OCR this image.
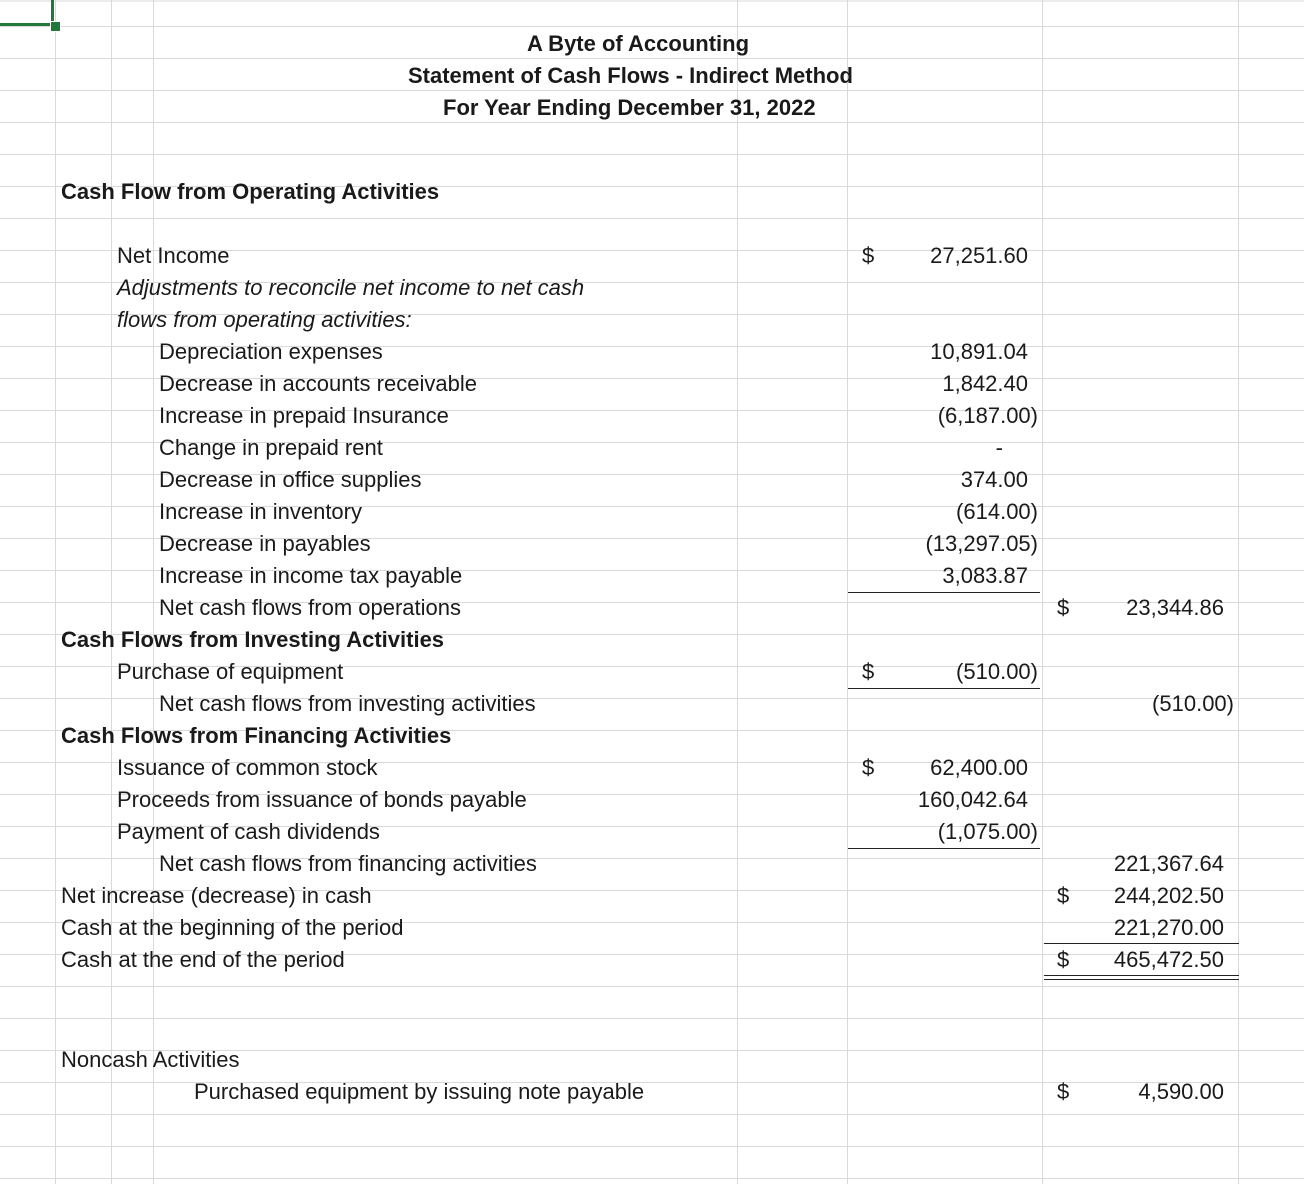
A Byte of Accounting
Statement of Cash Flows - Indirect Method
For Year Ending December 31, 2022
Cash Flow from Operating Activities
Net Income	$	27,251.60
Adjustments to reconcile net income to net cash
flows from operating activities:
Depreciation expenses	10,891.04
Decrease in accounts receivable	1,842.40
Increase in prepaid Insurance	(6,187.00)
Change in prepaid rent	-
Decrease in office supplies	374.00
Increase in inventory	(614.00)
Decrease in payables	(13,297.05)
Increase in income tax payable	3,083.87
Net cash flows from operations	$	23,344.86
Cash Flows from Investing Activities
Purchase of equipment	$	(510.00)
Net cash flows from investing activities	(510.00)
Cash Flows from Financing Activities
Issuance of common stock	$	62,400.00
Proceeds from issuance of bonds payable	160,042.64
Payment of cash dividends	(1,075.00)
Net cash flows from financing activities	221,367.64
Net increase (decrease) in cash	$ 244,202.50
Cash at the beginning of the period	221,270.00
Cash at the end of the period	$ 465,472.50
Noncash Activities
Purchased equipment by issuing note payable	$	4,590.00
